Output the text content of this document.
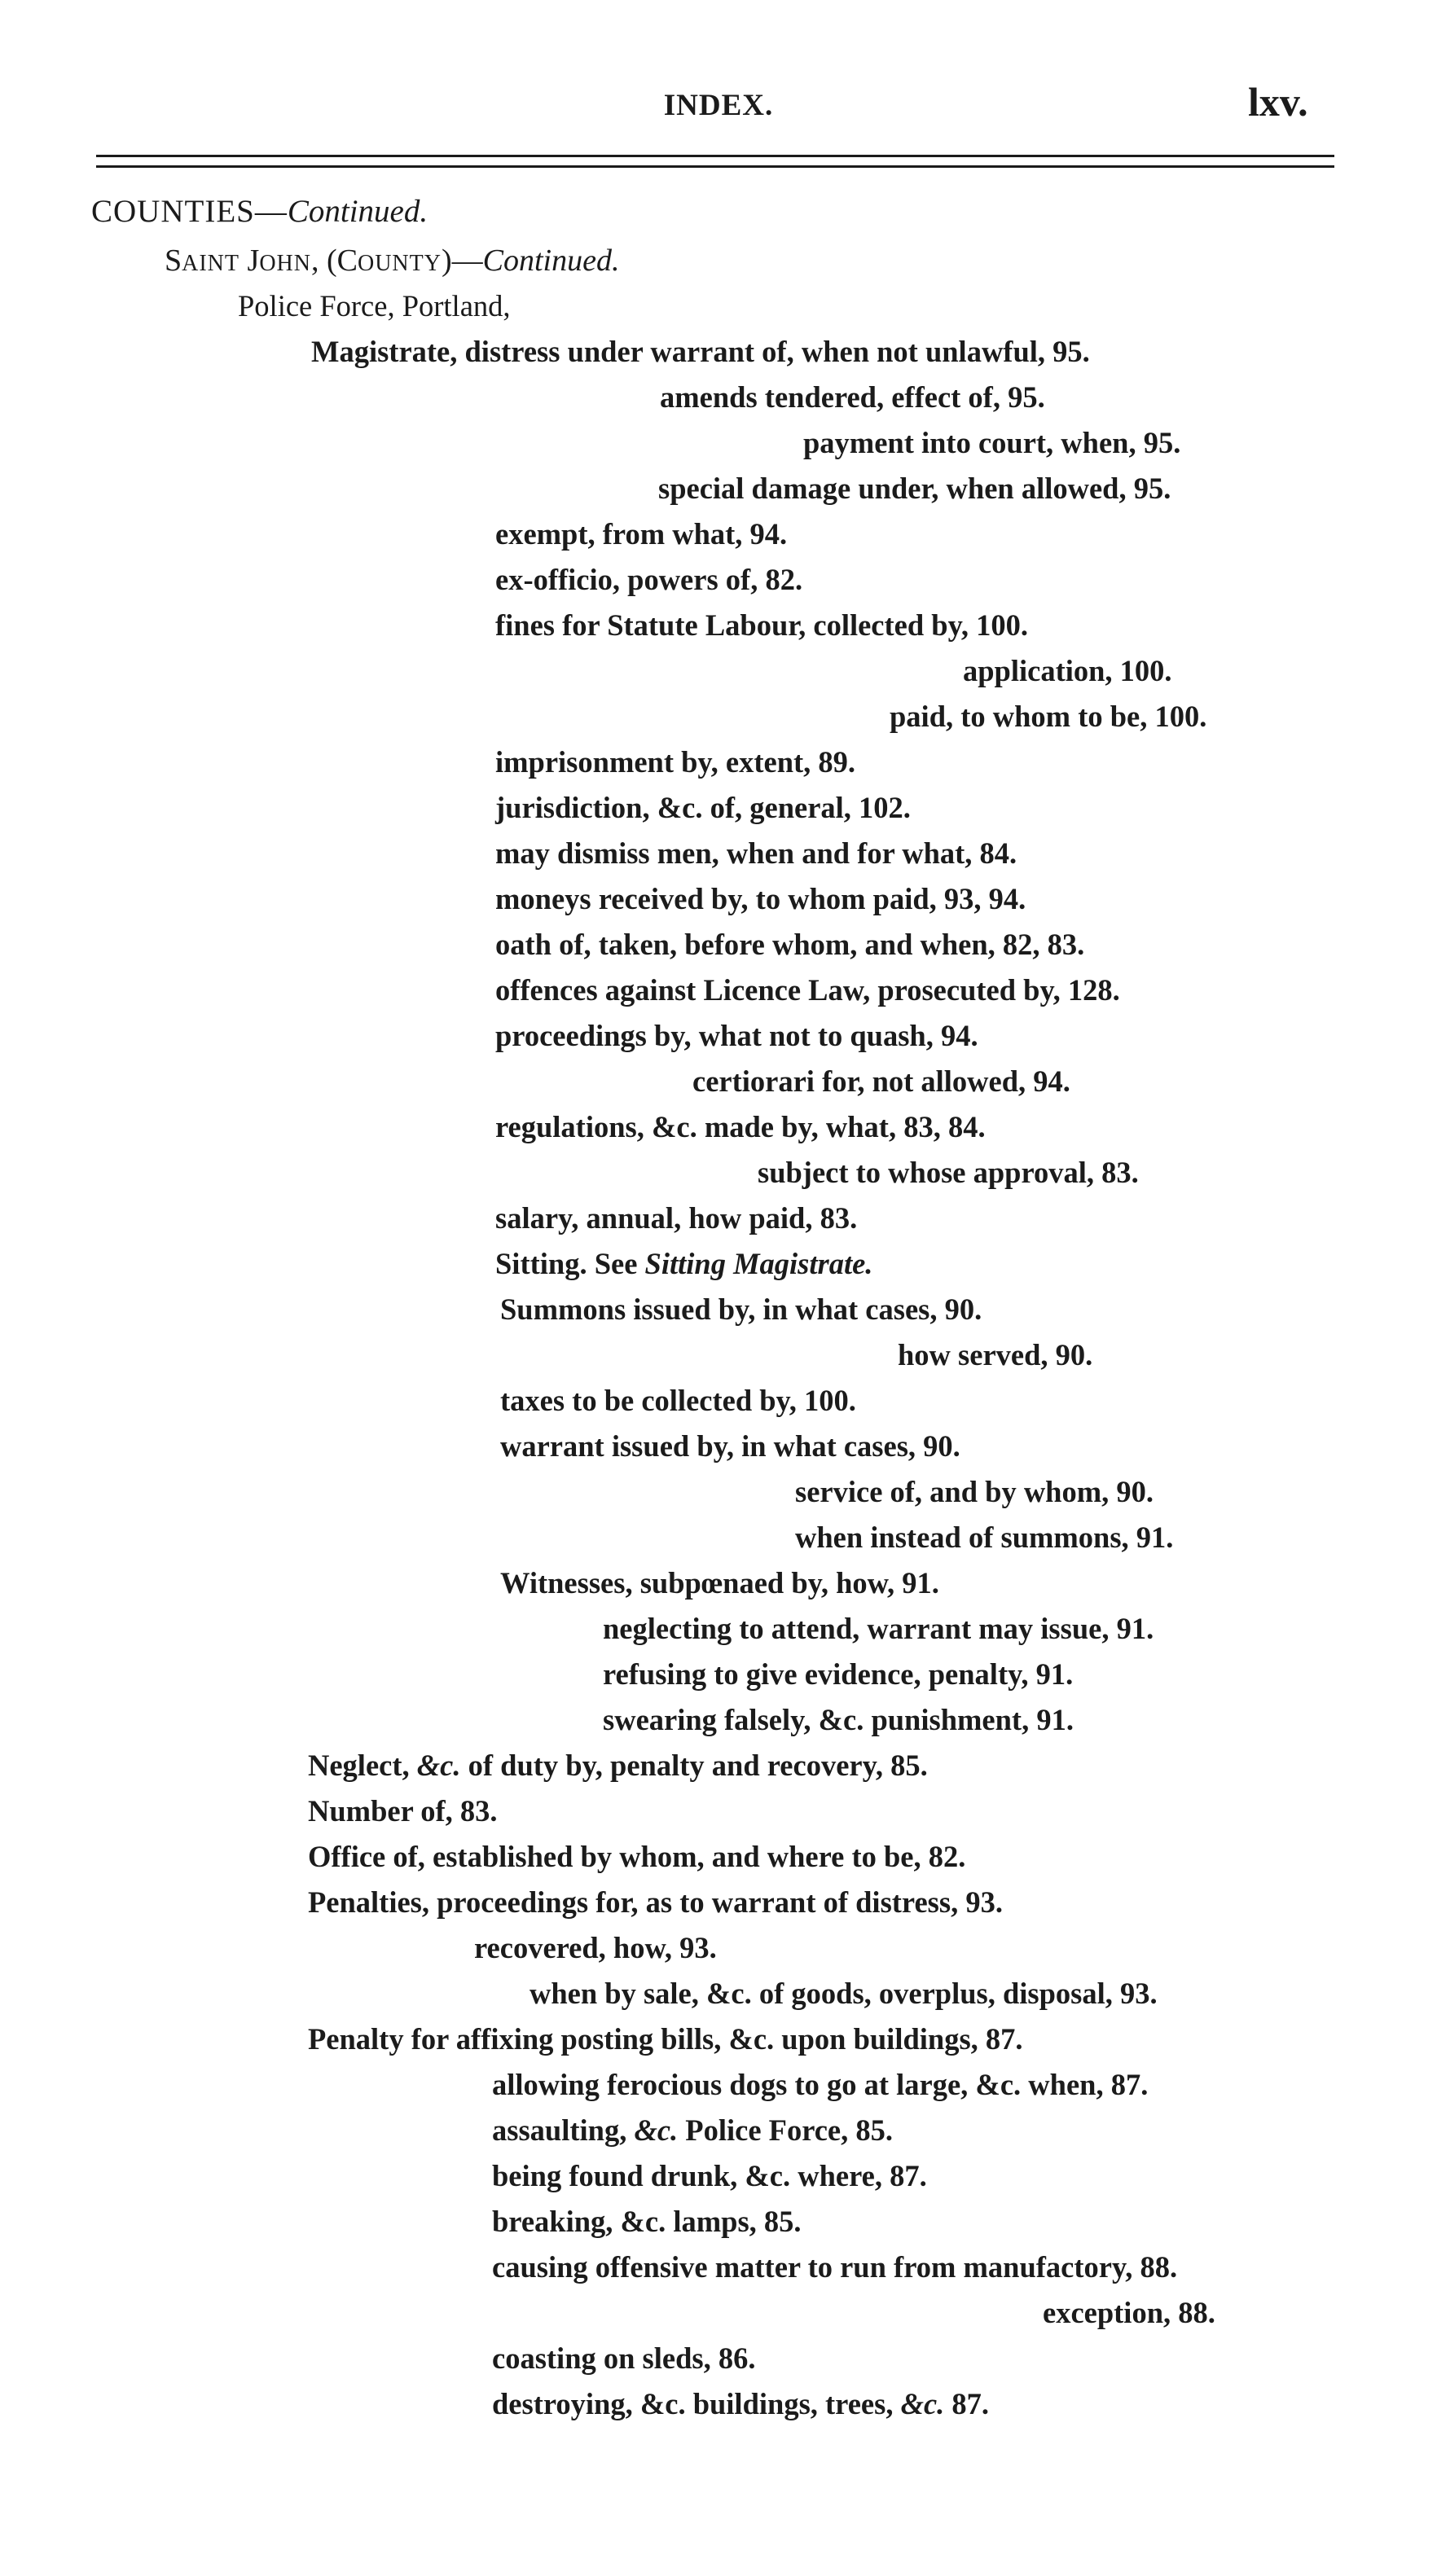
INDEX.	lxv.
COUNTIES—Continued.
SAINT JOHN, (COUNTY)—Continued.
Police Force, Portland,
Magistrate, distress under warrant of, when not unlawful, 95.
amends tendered, effect of, 95.
payment into court, when, 95.
special damage under, when allowed, 95.
exempt, from what, 94.
ex-officio, powers of, 82.
fines for Statute Labour, collected by, 100.
application, 100.
paid, to whom to be, 100.
imprisonment by, extent, 89.
jurisdiction, &c. of, general, 102.
may dismiss men, when and for what, 84.
moneys received by, to whom paid, 93, 94.
oath of, taken, before whom, and when, 82, 83.
offences against Licence Law, prosecuted by, 128.
proceedings by, what not to quash, 94.
certiorari for, not allowed, 94.
regulations, &c. made by, what, 83, 84.
subject to whose approval, 83.
salary, annual, how paid, 83.
Sitting. See Sitting Magistrate.
Summons issued by, in what cases, 90.
how served, 90.
taxes to be collected by, 100.
warrant issued by, in what cases, 90.
service of, and by whom, 90.
when instead of summons, 91.
Witnesses, subpœnaed by, how, 91.
neglecting to attend, warrant may issue, 91.
refusing to give evidence, penalty, 91.
swearing falsely, &c. punishment, 91.
Neglect, &c. of duty by, penalty and recovery, 85.
Number of, 83.
Office of, established by whom, and where to be, 82.
Penalties, proceedings for, as to warrant of distress, 93.
recovered, how, 93.
when by sale, &c. of goods, overplus, disposal, 93.
Penalty for affixing posting bills, &c. upon buildings, 87.
allowing ferocious dogs to go at large, &c. when, 87.
assaulting, &c. Police Force, 85.
being found drunk, &c. where, 87.
breaking, &c. lamps, 85.
causing offensive matter to run from manufactory, 88.
exception, 88.
coasting on sleds, 86.
destroying, &c. buildings, trees, &c. 87.
